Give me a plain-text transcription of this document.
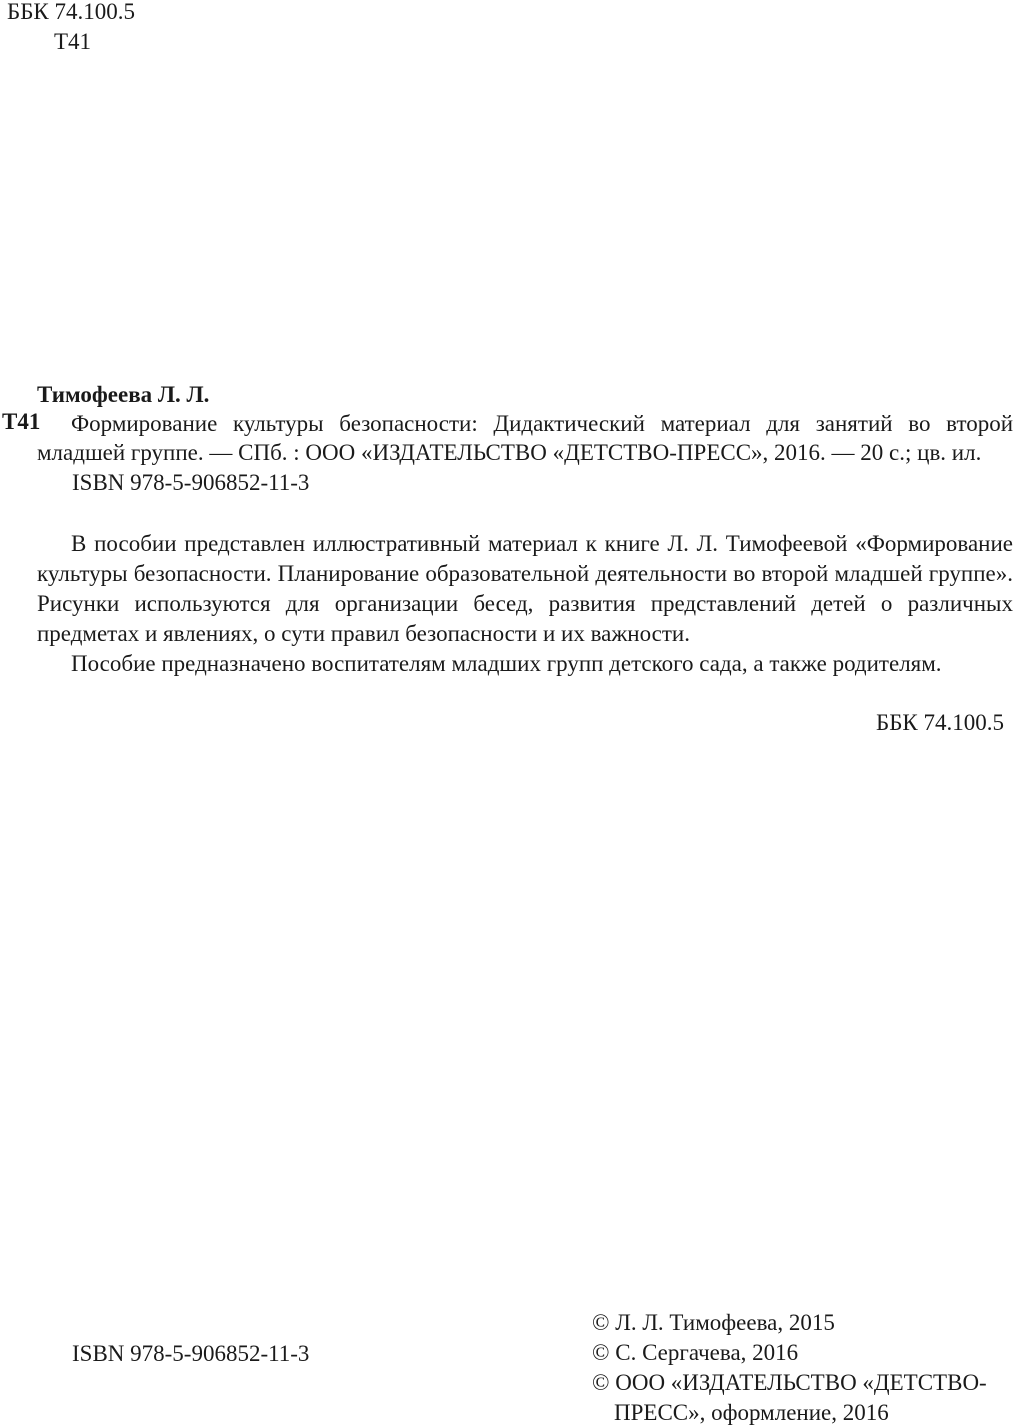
ББК 74.100.5
Т41
Тимофеева Л. Л.
Т41	Формирование культуры безопасности: Дидактический материал для занятий во второй младшей группе. — СПб. : ООО «ИЗДАТЕЛЬСТВО «ДЕТСТВО-ПРЕСС», 2016. — 20 с.; цв. ил.
ISBN 978-5-906852-11-3

В пособии представлен иллюстративный материал к книге Л. Л. Тимофеевой «Формирование культуры безопасности. Планирование образовательной деятельности во второй младшей группе». Рисунки используются для организации бесед, развития представлений детей о различных предметах и явлениях, о сути правил безопасности и их важности.

Пособие предназначено воспитателям младших групп детского сада, а также родителям.

ББК 74.100.5
ISBN 978-5-906852-11-3
© Л. Л. Тимофеева, 2015
© С. Сергачева, 2016
© ООО «ИЗДАТЕЛЬСТВО «ДЕТСТВО-
ПРЕСС», оформление, 2016
